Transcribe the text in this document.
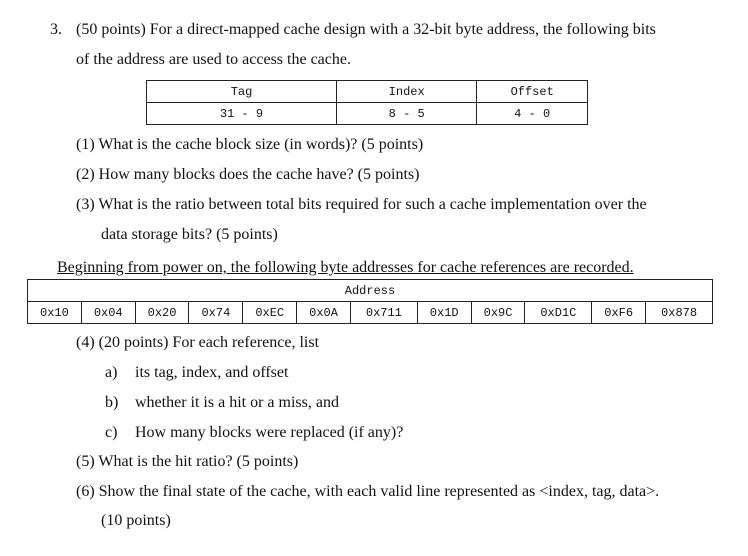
3. (50 points) For a direct-mapped cache design with a 32-bit byte address, the following bits
of the address are used to access the cache.
Tag	Index	Offset
31 - 9	8 - 5	4 - 0
(1) What is the cache block size (in words)? (5 points)
(2) How many blocks does the cache have? (5 points)
(3) What is the ratio between total bits required for such a cache implementation over the
data storage bits? (5 points)
Beginning from power on, the following byte addresses for cache references are recorded.
Address
0x10	0x04	0x20	0x74	0xEC	0x0A	0x711	0x1D	0x9C	0xD1C	0xF6	0x878
(4) (20 points) For each reference, list
a) its tag, index, and offset
b) whether it is a hit or a miss, and
c) How many blocks were replaced (if any)?
(5) What is the hit ratio? (5 points)
(6) Show the final state of the cache, with each valid line represented as <index, tag, data>.
(10 points)
